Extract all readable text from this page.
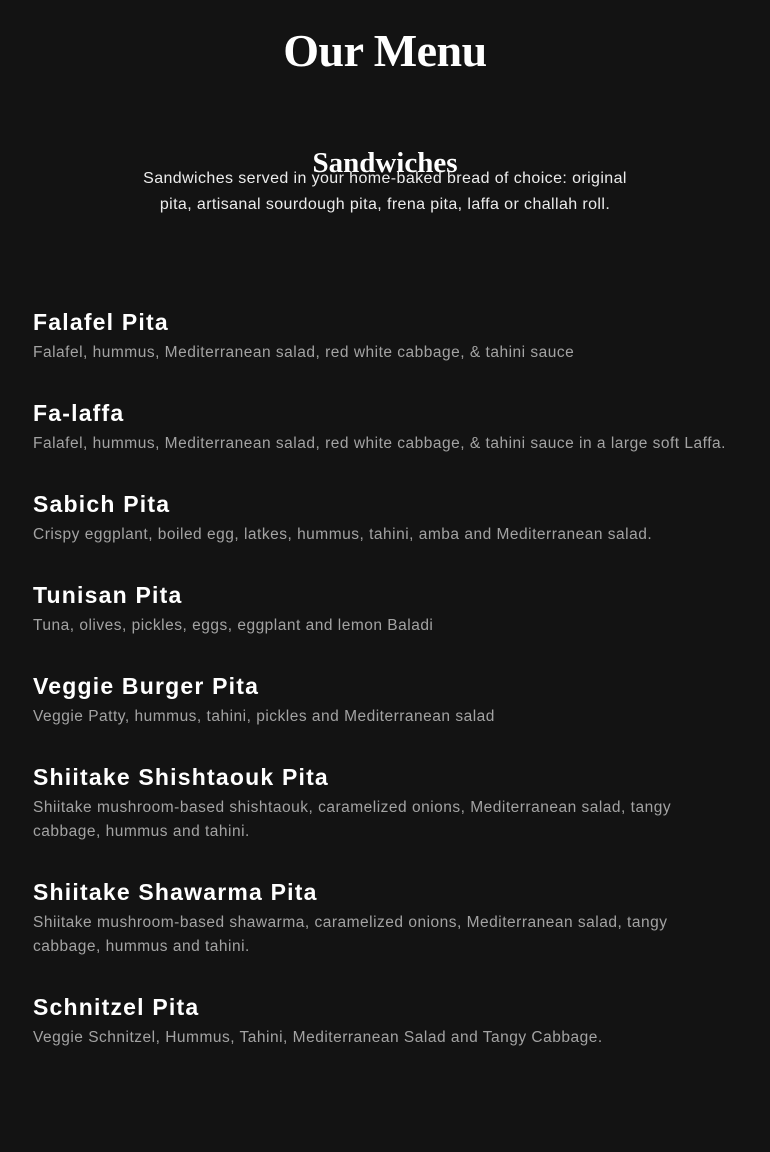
Our Menu
Sandwiches

Sandwiches served in your home-baked bread of choice: original pita, artisanal sourdough pita, frena pita, laffa or challah roll.

Falafel Pita
Falafel, hummus, Mediterranean salad, red white cabbage, & tahini sauce
Fa-laffa
Falafel, hummus, Mediterranean salad, red white cabbage, & tahini sauce in a large soft Laffa.
Sabich Pita
Crispy eggplant, boiled egg, latkes, hummus, tahini, amba and Mediterranean salad.
Tunisan Pita
Tuna, olives, pickles, eggs, eggplant and lemon Baladi
Veggie Burger Pita
Veggie Patty, hummus, tahini, pickles and Mediterranean salad
Shiitake Shishtaouk Pita
Shiitake mushroom-based shishtaouk, caramelized onions, Mediterranean salad, tangy cabbage, hummus and tahini.
Shiitake Shawarma Pita
Shiitake mushroom-based shawarma, caramelized onions, Mediterranean salad, tangy cabbage, hummus and tahini.
Schnitzel Pita
Veggie Schnitzel, Hummus, Tahini, Mediterranean Salad and Tangy Cabbage.
